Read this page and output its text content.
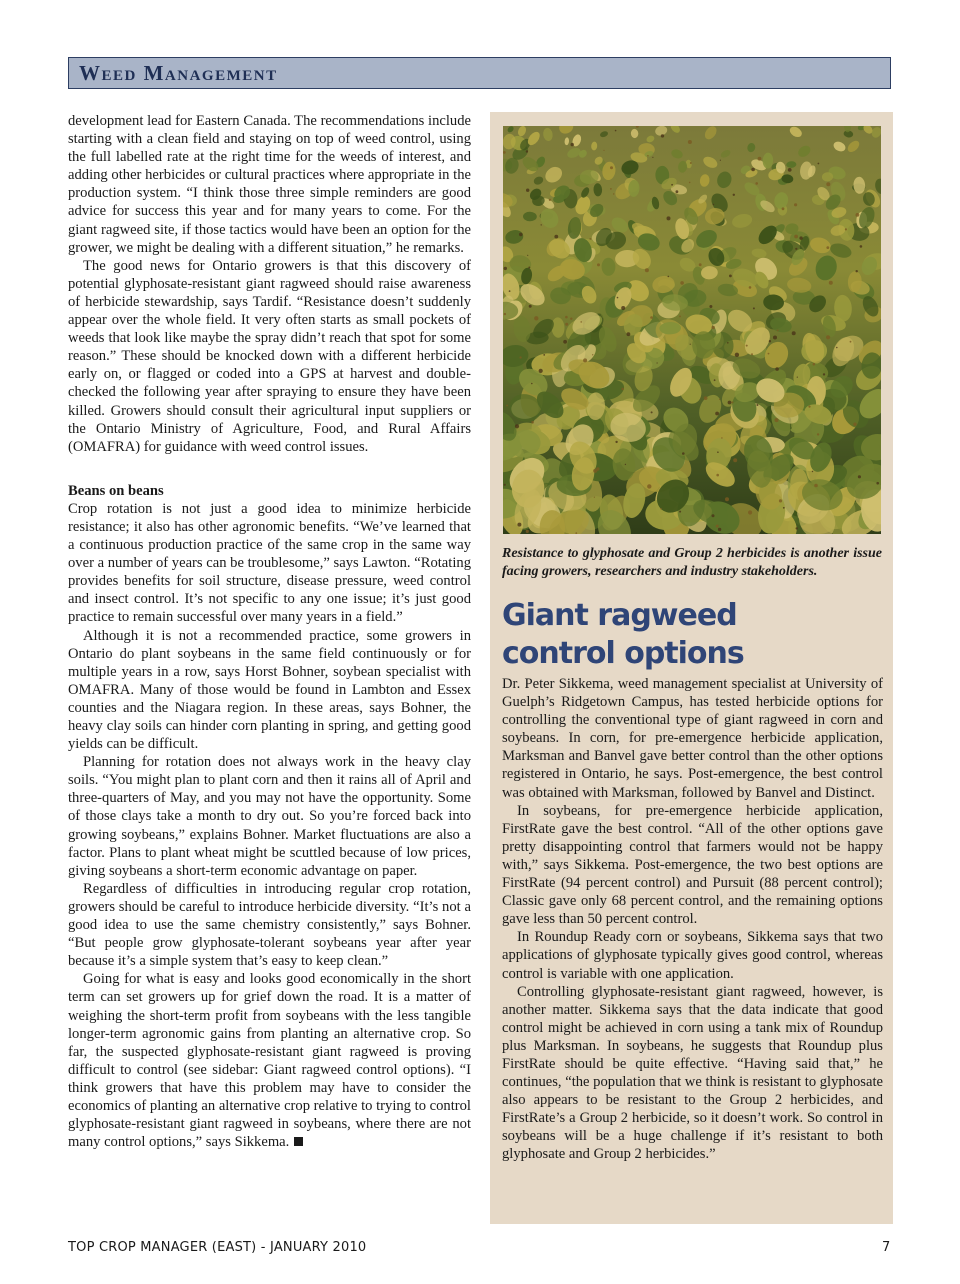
Weed Management

development lead for Eastern Canada. The recommendations include starting with a clean field and staying on top of weed control, using the full labelled rate at the right time for the weeds of interest, and adding other herbicides or cultural practices where appropriate in the production system. “I think those three simple reminders are good advice for success this year and for many years to come. For the giant ragweed site, if those tactics would have been an option for the grower, we might be dealing with a different situation,” he remarks.

The good news for Ontario growers is that this discovery of potential glyphosate-resistant giant ragweed should raise awareness of herbicide stewardship, says Tardif. “Resistance doesn’t suddenly appear over the whole field. It very often starts as small pockets of weeds that look like maybe the spray didn’t reach that spot for some reason.” These should be knocked down with a different herbicide early on, or flagged or coded into a GPS at harvest and double-checked the following year after spraying to ensure they have been killed. Growers should consult their agricultural input suppliers or the Ontario Ministry of Agriculture, Food, and Rural Affairs (OMAFRA) for guidance with weed control issues.

Beans on beans

Crop rotation is not just a good idea to minimize herbicide resistance; it also has other agronomic benefits. “We’ve learned that a continuous production practice of the same crop in the same way over a number of years can be troublesome,” says Lawton. “Rotating provides benefits for soil structure, disease pressure, weed control and insect control. It’s not specific to any one issue; it’s just good practice to remain successful over many years in a field.”

Although it is not a recommended practice, some growers in Ontario do plant soybeans in the same field continuously or for multiple years in a row, says Horst Bohner, soybean specialist with OMAFRA. Many of those would be found in Lambton and Essex counties and the Niagara region. In these areas, says Bohner, the heavy clay soils can hinder corn planting in spring, and getting good yields can be difficult.

Planning for rotation does not always work in the heavy clay soils. “You might plan to plant corn and then it rains all of April and three-quarters of May, and you may not have the opportunity. Some of those clays take a month to dry out. So you’re forced back into growing soybeans,” explains Bohner. Market fluctuations are also a factor. Plans to plant wheat might be scuttled because of low prices, giving soybeans a short-term economic advantage on paper.

Regardless of difficulties in introducing regular crop rotation, growers should be careful to introduce herbicide diversity. “It’s not a good idea to use the same chemistry consistently,” says Bohner. “But people grow glyphosate-tolerant soybeans year after year because it’s a simple system that’s easy to keep clean.”

Going for what is easy and looks good economically in the short term can set growers up for grief down the road. It is a matter of weighing the short-term profit from soybeans with the less tangible longer-term agronomic gains from planting an alternative crop. So far, the suspected glyphosate-resistant giant ragweed is proving difficult to control (see sidebar: Giant ragweed control options). “I think growers that have this problem may have to consider the economics of planting an alternative crop relative to trying to control glyphosate-resistant giant ragweed in soybeans, where there are not many control options,” says Sikkema.

Resistance to glyphosate and Group 2 herbicides is another issue facing growers, researchers and industry stakeholders.
Giant ragweed
control options

Dr. Peter Sikkema, weed management specialist at University of Guelph’s Ridgetown Campus, has tested herbicide options for controlling the conventional type of giant ragweed in corn and soybeans. In corn, for pre-emergence herbicide application, Marksman and Banvel gave better control than the other options registered in Ontario, he says. Post-emergence, the best control was obtained with Marksman, followed by Banvel and Distinct.

In soybeans, for pre-emergence herbicide application, FirstRate gave the best control. “All of the other options gave pretty disappointing control that farmers would not be happy with,” says Sikkema. Post-emergence, the two best options are FirstRate (94 percent control) and Pursuit (88 percent control); Classic gave only 68 percent control, and the remaining options gave less than 50 percent control.

In Roundup Ready corn or soybeans, Sikkema says that two applications of glyphosate typically gives good control, whereas control is variable with one application.

Controlling glyphosate-resistant giant ragweed, however, is another matter. Sikkema says that the data indicate that good control might be achieved in corn using a tank mix of Roundup plus Marksman. In soybeans, he suggests that Roundup plus FirstRate should be quite effective. “Having said that,” he continues, “the population that we think is resistant to glyphosate also appears to be resistant to the Group 2 herbicides, and FirstRate’s a Group 2 herbicide, so it doesn’t work. So control in soybeans will be a huge challenge if it’s resistant to both glyphosate and Group 2 herbicides.”

TOP CROP MANAGER (EAST) - JANUARY 2010	7
